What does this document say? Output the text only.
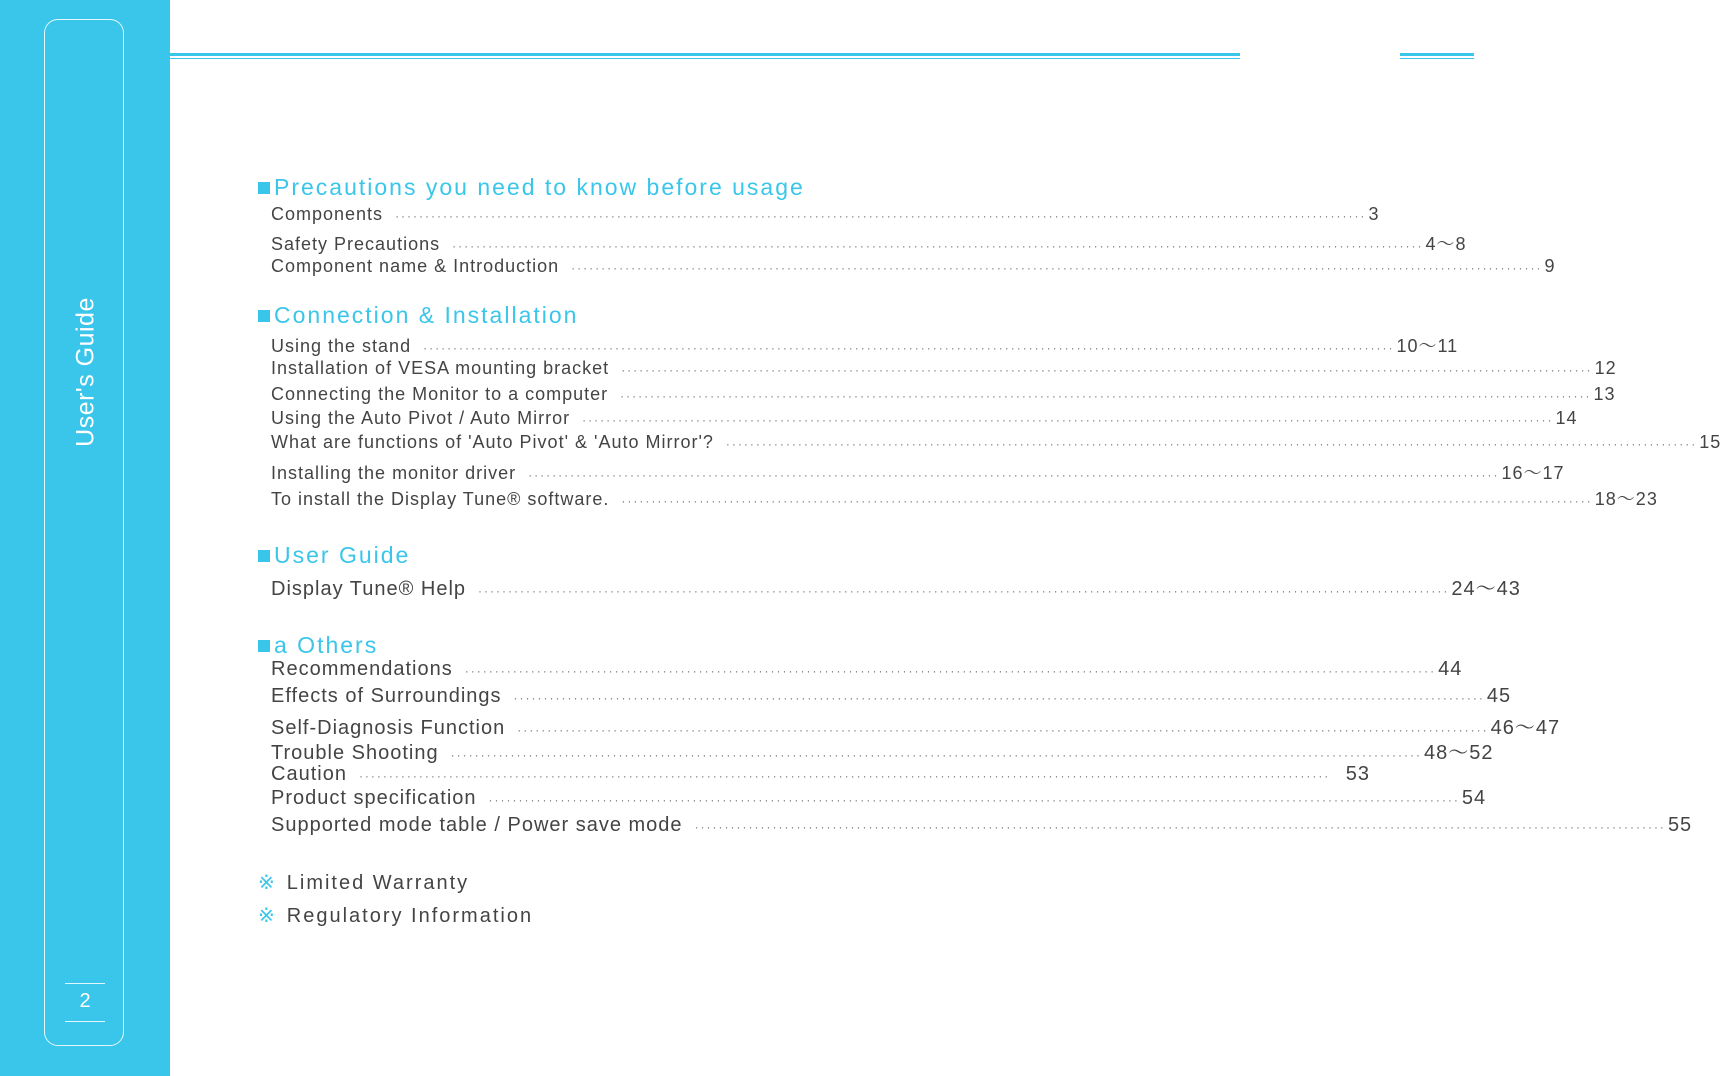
User's Guide
2
Precautions you need to know before usage
Components ·································································································································································· 3
Safety Precautions ·································································································································································· 4～8
Component name & Introduction ·································································································································································· 9
Connection & Installation
Using the stand ·································································································································································· 10～11
Installation of VESA mounting bracket ·································································································································································· 12
Connecting the Monitor to a computer ·································································································································································· 13
Using the Auto Pivot / Auto Mirror ·································································································································································· 14
What are functions of 'Auto Pivot' & 'Auto Mirror'? ·································································································································································· 15
Installing the monitor driver ·································································································································································· 16～17
To install the Display Tune® software. ·································································································································································· 18～23
User Guide
Display Tune® Help ·································································································································································· 24～43
a Others
Recommendations ·································································································································································· 44
Effects of Surroundings ·································································································································································· 45
Self-Diagnosis Function ·································································································································································· 46～47
Trouble Shooting ·································································································································································· 48～52
Caution ·································································································································································· 53
Product specification ·································································································································································· 54
Supported mode table / Power save mode ·································································································································································· 55
※ Limited Warranty
※ Regulatory Information
